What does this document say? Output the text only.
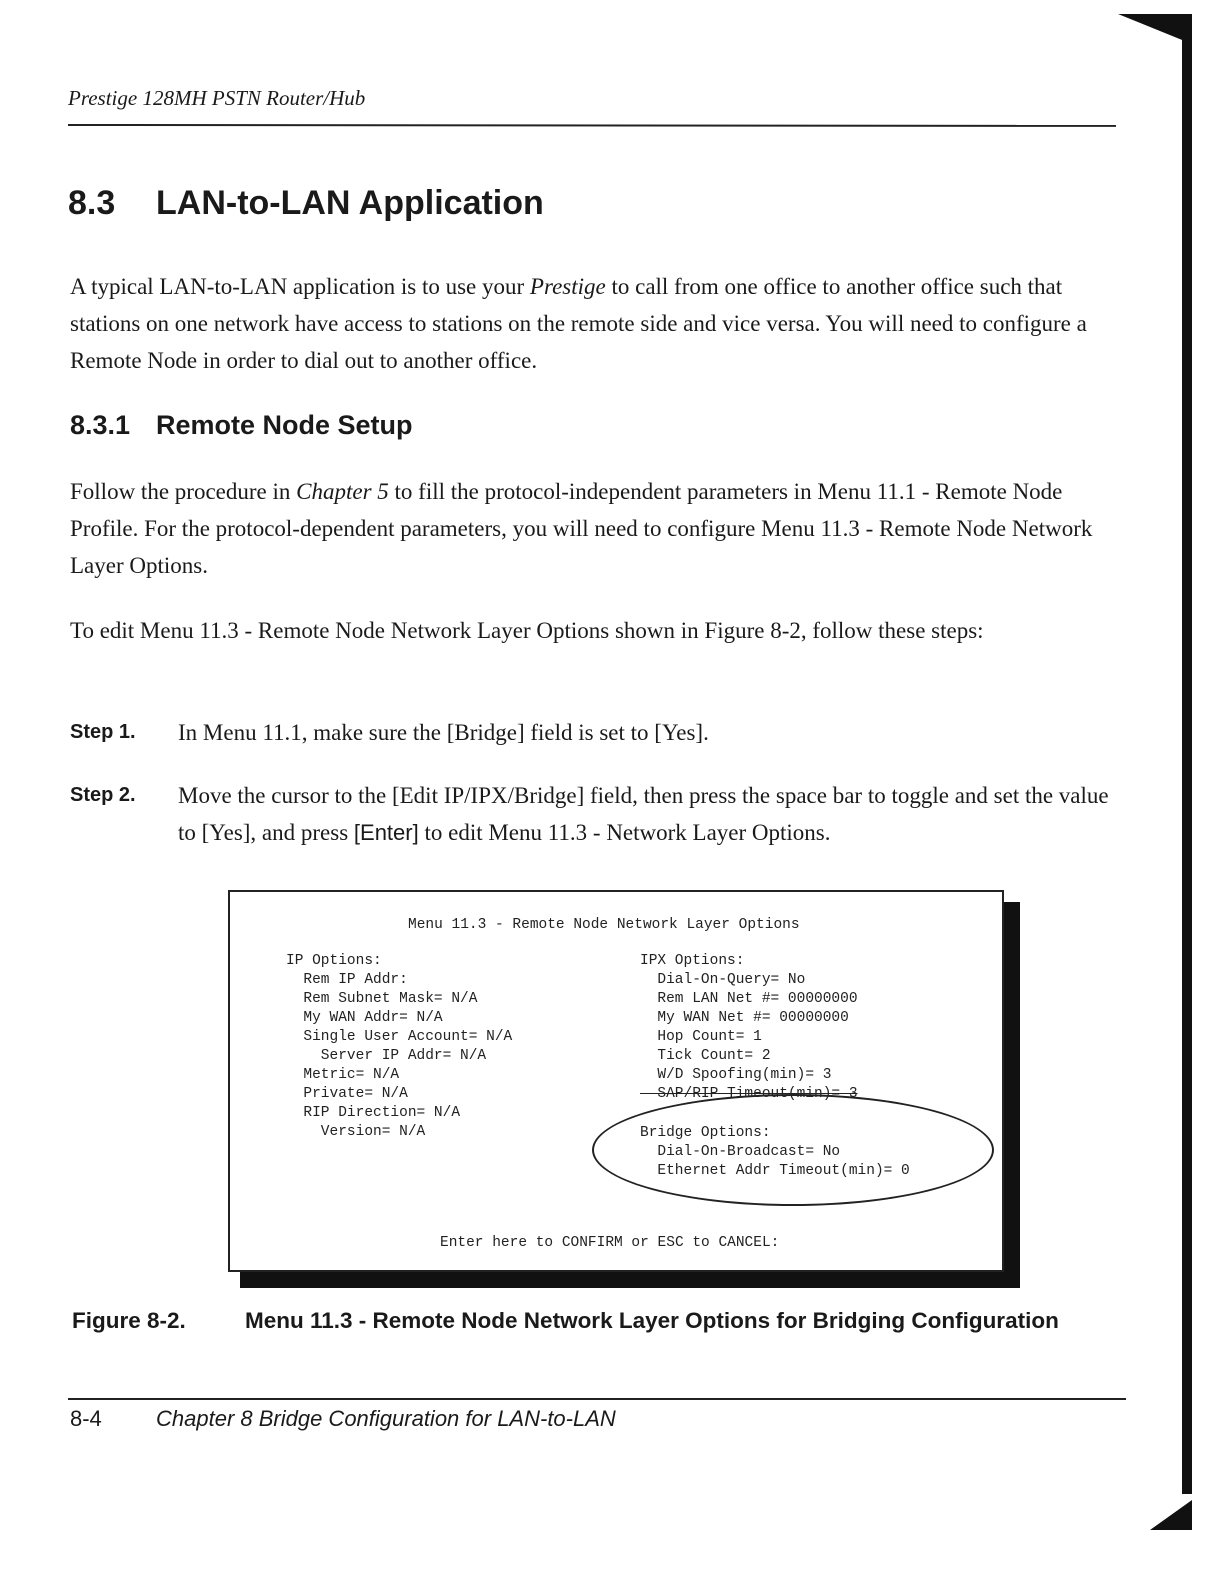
Prestige 128MH PSTN Router/Hub
8.3 LAN-to-LAN Application
A typical LAN-to-LAN application is to use your Prestige to call from one office to another office such that stations on one network have access to stations on the remote side and vice versa. You will need to configure a Remote Node in order to dial out to another office.
8.3.1 Remote Node Setup
Follow the procedure in Chapter 5 to fill the protocol-independent parameters in Menu 11.1 - Remote Node Profile. For the protocol-dependent parameters, you will need to configure Menu 11.3 - Remote Node Network Layer Options.
To edit Menu 11.3 - Remote Node Network Layer Options shown in Figure 8-2, follow these steps:
Step 1. In Menu 11.1, make sure the [Bridge] field is set to [Yes].
Step 2. Move the cursor to the [Edit IP/IPX/Bridge] field, then press the space bar to toggle and set the value to [Yes], and press [Enter] to edit Menu 11.3 - Network Layer Options.
Menu 11.3 - Remote Node Network Layer Options
IP Options:
Rem IP Addr:
Rem Subnet Mask= N/A
My WAN Addr= N/A
Single User Account= N/A
Server IP Addr= N/A
Metric= N/A
Private= N/A
RIP Direction= N/A
Version= N/A
IPX Options:
Dial-On-Query= No
Rem LAN Net #= 00000000
My WAN Net #= 00000000
Hop Count= 1
Tick Count= 2
W/D Spoofing(min)= 3
SAP/RIP Timeout(min)= 3
Bridge Options:
Dial-On-Broadcast= No
Ethernet Addr Timeout(min)= 0
Enter here to CONFIRM or ESC to CANCEL:
Figure 8-2.	Menu 11.3 - Remote Node Network Layer Options for Bridging Configuration
8-4 Chapter 8 Bridge Configuration for LAN-to-LAN
